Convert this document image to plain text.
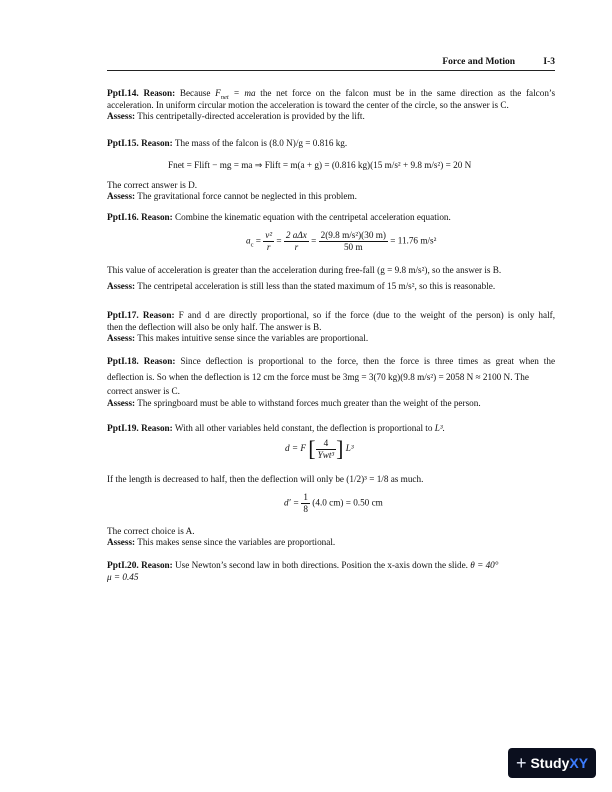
Force and Motion	I-3
PptI.14. Reason: Because $F_{net}$ = ma the net force on the falcon must be in the same direction as the falcon’s
acceleration. In uniform circular motion the acceleration is toward the center of the circle, so the answer is C.
Assess: This centripetally-directed acceleration is provided by the lift.
PptI.15. Reason: The mass of the falcon is (8.0 N)/g = 0.816 kg.
Fnet = Flift − mg = ma ⇒ Flift = m(a + g) = (0.816 kg)(15 m/s² + 9.8 m/s²) = 20 N
The correct answer is D.
Assess: The gravitational force cannot be neglected in this problem.
PptI.16. Reason: Combine the kinematic equation with the centripetal acceleration equation.
$a_c = \frac{\text{v²}}{r} = \frac{\text{2 aΔx}}{r} = \frac{\text{2(9.8 m/s²)(30 m)}}{50 m} = 11.76$ m/s²
This value of acceleration is greater than the acceleration during free-fall (g = 9.8 m/s²), so the answer is B.
Assess: The centripetal acceleration is still less than the stated maximum of 15 m/s², so this is reasonable.
PptI.17. Reason: F and d are directly proportional, so if the force (due to the weight of the person) is only half,
then the deflection will also be only half. The answer is B.
Assess: This makes intuitive sense since the variables are proportional.
PptI.18. Reason: Since deflection is proportional to the force, then the force is three times as great when the
deflection is. So when the deflection is 12 cm the force must be 3mg = 3(70 kg)(9.8 m/s²) = 2058 N ≈ 2100 N. The
correct answer is C.
Assess: The springboard must be able to withstand forces much greater than the weight of the person.
PptI.19. Reason: With all other variables held constant, the deflection is proportional to L³.
d = F [ $\frac{4}{\text{Ywt³}}$ ] L³
If the length is decreased to half, then the deflection will only be (1/2)³ = 1/8 as much.
$d' = \frac{1}{8} (4.0$ cm) = 0.50 cm
The correct choice is A.
Assess: This makes sense since the variables are proportional.
PptI.20. Reason: Use Newton’s second law in both directions. Position the x-axis down the slide. θ = 40°
μ = 0.45
+ StudyXY
